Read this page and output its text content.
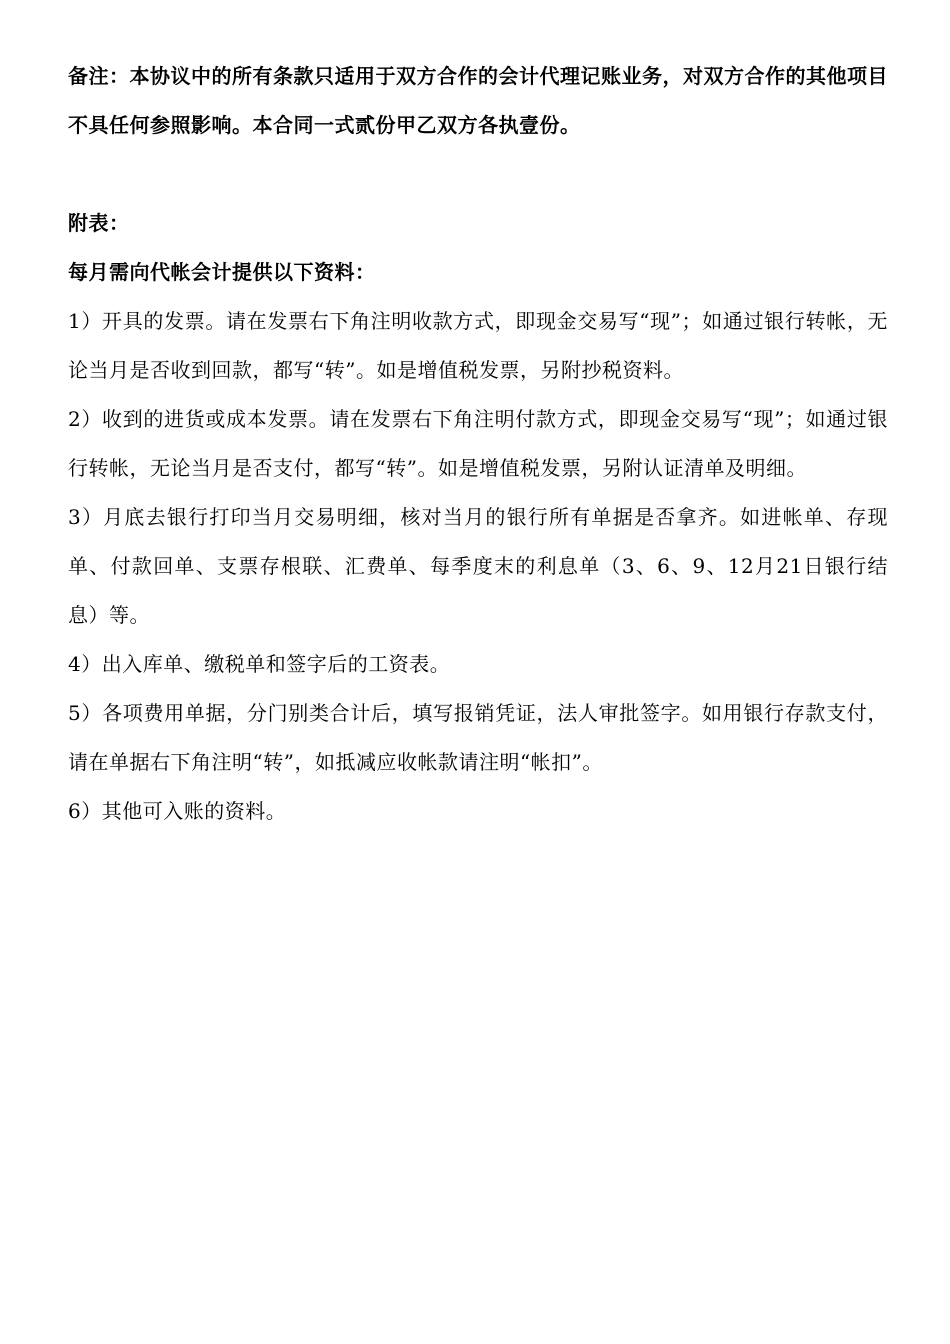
备注：本协议中的所有条款只适用于双方合作的会计代理记账业务，对双方合作的其他项目不具任何参照影响。本合同一式贰份甲乙双方各执壹份。

附表：

每月需向代帐会计提供以下资料：

1）开具的发票。请在发票右下角注明收款方式，即现金交易写“现”；如通过银行转帐，无论当月是否收到回款，都写“转”。如是增值税发票，另附抄税资料。

2）收到的进货或成本发票。请在发票右下角注明付款方式，即现金交易写“现”；如通过银行转帐，无论当月是否支付，都写“转”。如是增值税发票，另附认证清单及明细。

3）月底去银行打印当月交易明细，核对当月的银行所有单据是否拿齐。如进帐单、存现单、付款回单、支票存根联、汇费单、每季度末的利息单（3、6、9、12月21日银行结息）等。

4）出入库单、缴税单和签字后的工资表。

5）各项费用单据，分门别类合计后，填写报销凭证，法人审批签字。如用银行存款支付，请在单据右下角注明“转”，如抵减应收帐款请注明“帐扣”。

6）其他可入账的资料。
